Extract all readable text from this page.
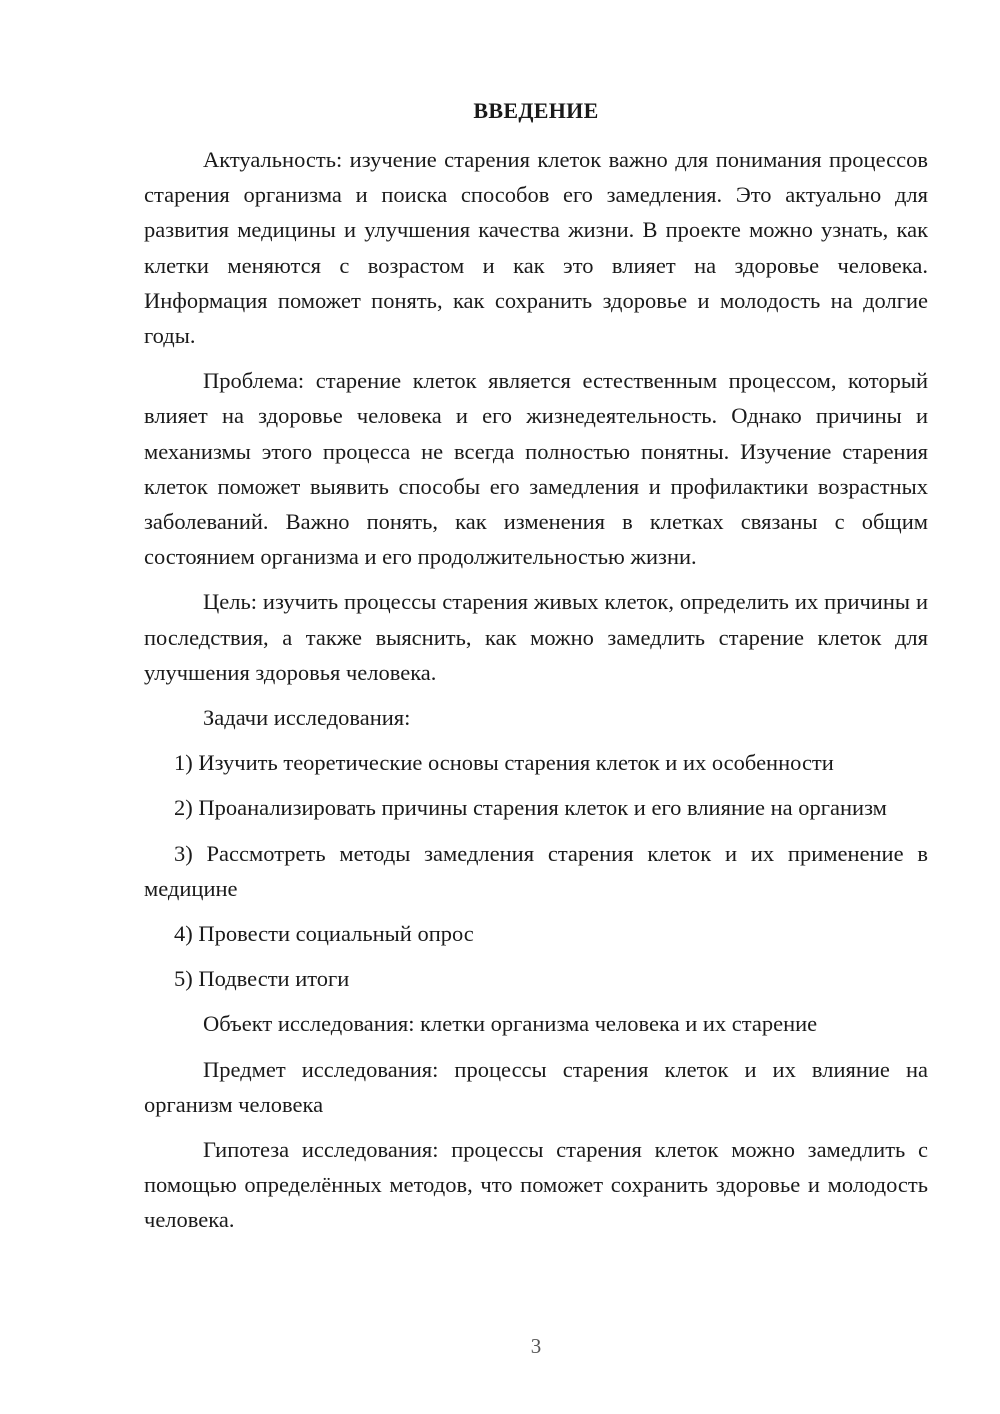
ВВЕДЕНИЕ

Актуальность: изучение старения клеток важно для понимания процессов старения организма и поиска способов его замедления. Это актуально для развития медицины и улучшения качества жизни. В проекте можно узнать, как клетки меняются с возрастом и как это влияет на здоровье человека. Информация поможет понять, как сохранить здоровье и молодость на долгие годы.

Проблема: старение клеток является естественным процессом, который влияет на здоровье человека и его жизнедеятельность. Однако причины и механизмы этого процесса не всегда полностью понятны. Изучение старения клеток поможет выявить способы его замедления и профилактики возрастных заболеваний. Важно понять, как изменения в клетках связаны с общим состоянием организма и его продолжительностью жизни.

Цель: изучить процессы старения живых клеток, определить их причины и последствия, а также выяснить, как можно замедлить старение клеток для улучшения здоровья человека.

Задачи исследования:

1) Изучить теоретические основы старения клеток и их особенности

2) Проанализировать причины старения клеток и его влияние на организм

3) Рассмотреть методы замедления старения клеток и их применение в медицине

4) Провести социальный опрос

5) Подвести итоги

Объект исследования: клетки организма человека и их старение

Предмет исследования: процессы старения клеток и их влияние на организм человека

Гипотеза исследования: процессы старения клеток можно замедлить с помощью определённых методов, что поможет сохранить здоровье и молодость человека.

3
